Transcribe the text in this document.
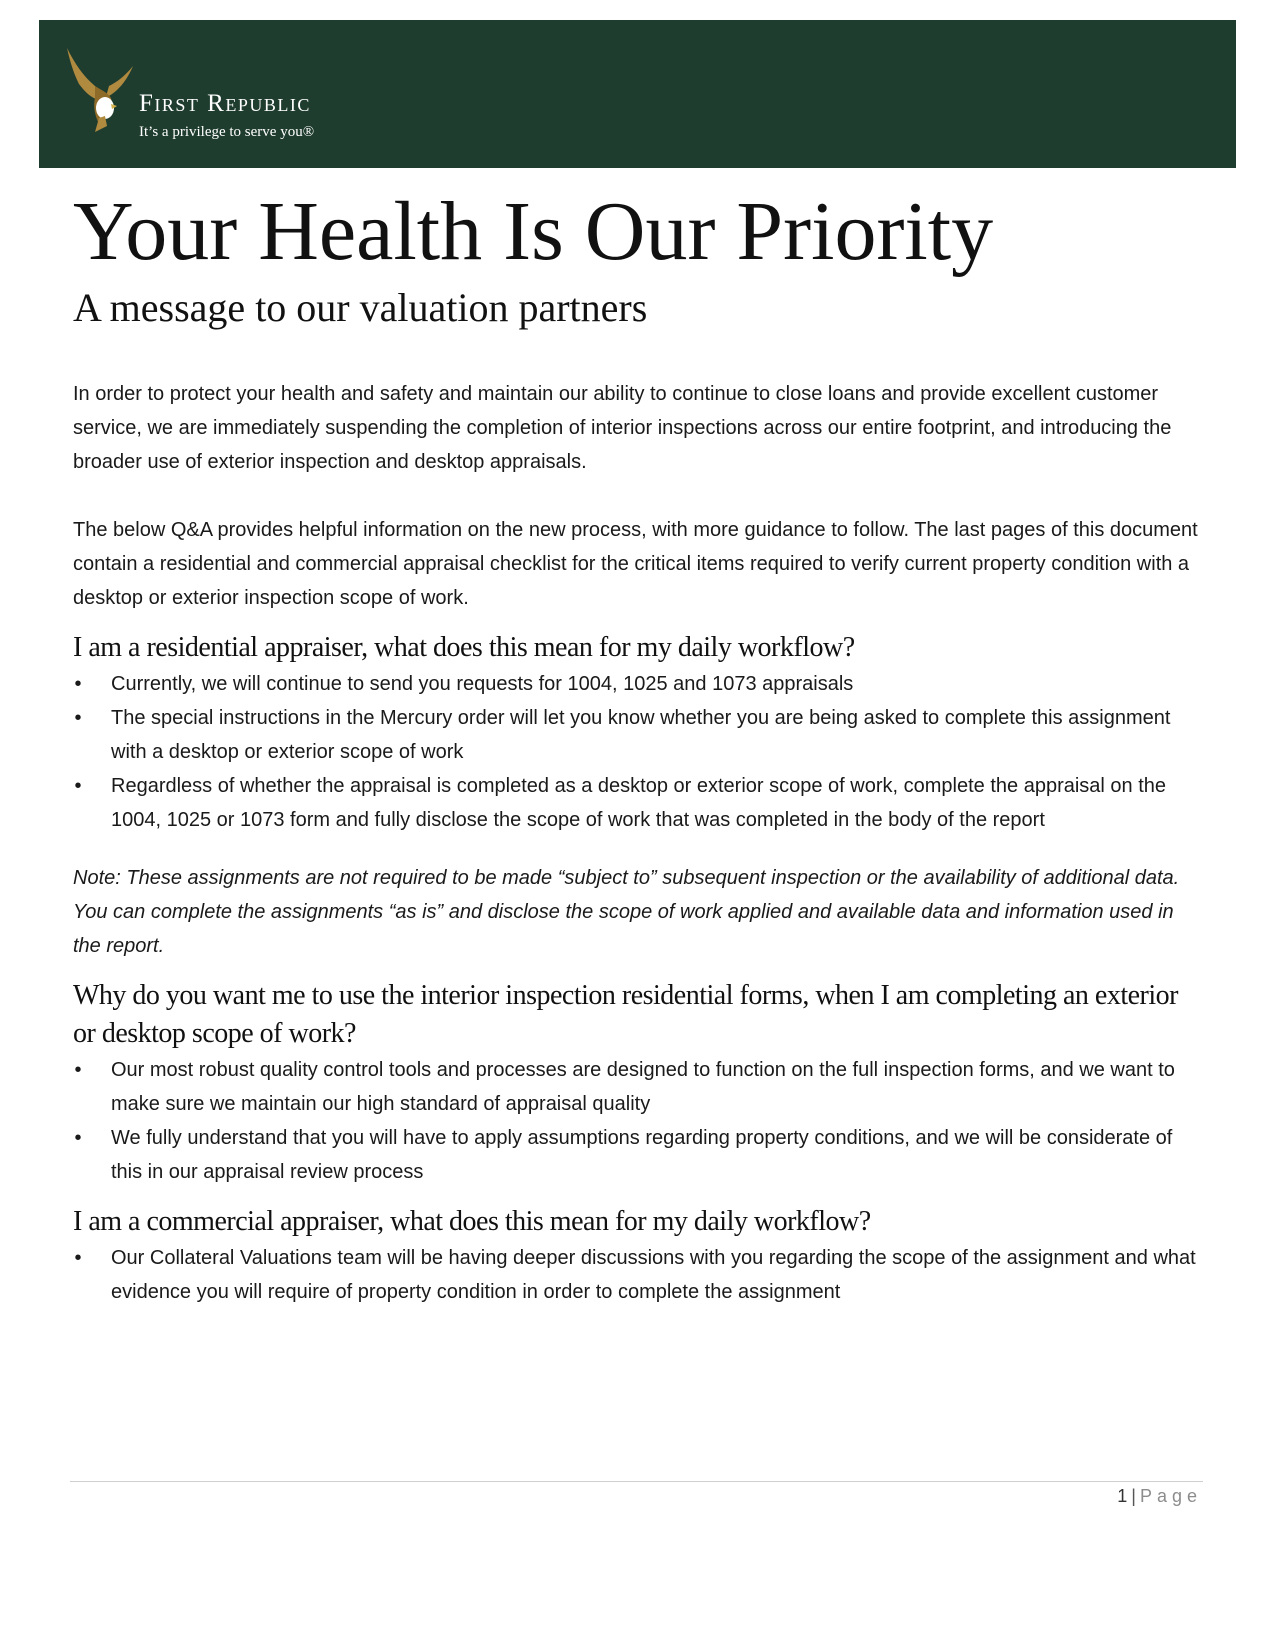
First Republic
It’s a privilege to serve you®
Your Health Is Our Priority
A message to our valuation partners

In order to protect your health and safety and maintain our ability to continue to close loans and provide excellent customer service, we are immediately suspending the completion of interior inspections across our entire footprint, and introducing the broader use of exterior inspection and desktop appraisals.

The below Q&A provides helpful information on the new process, with more guidance to follow. The last pages of this document contain a residential and commercial appraisal checklist for the critical items required to verify current property condition with a desktop or exterior inspection scope of work.

I am a residential appraiser, what does this mean for my daily workflow?
• Currently, we will continue to send you requests for 1004, 1025 and 1073 appraisals
• The special instructions in the Mercury order will let you know whether you are being asked to complete this assignment with a desktop or exterior scope of work
• Regardless of whether the appraisal is completed as a desktop or exterior scope of work, complete the appraisal on the 1004, 1025 or 1073 form and fully disclose the scope of work that was completed in the body of the report

Note: These assignments are not required to be made “subject to” subsequent inspection or the availability of additional data. You can complete the assignments “as is” and disclose the scope of work applied and available data and information used in the report.

Why do you want me to use the interior inspection residential forms, when I am completing an exterior or desktop scope of work?
• Our most robust quality control tools and processes are designed to function on the full inspection forms, and we want to make sure we maintain our high standard of appraisal quality
• We fully understand that you will have to apply assumptions regarding property conditions, and we will be considerate of this in our appraisal review process
I am a commercial appraiser, what does this mean for my daily workflow?
• Our Collateral Valuations team will be having deeper discussions with you regarding the scope of the assignment and what evidence you will require of property condition in order to complete the assignment
1 | Page
